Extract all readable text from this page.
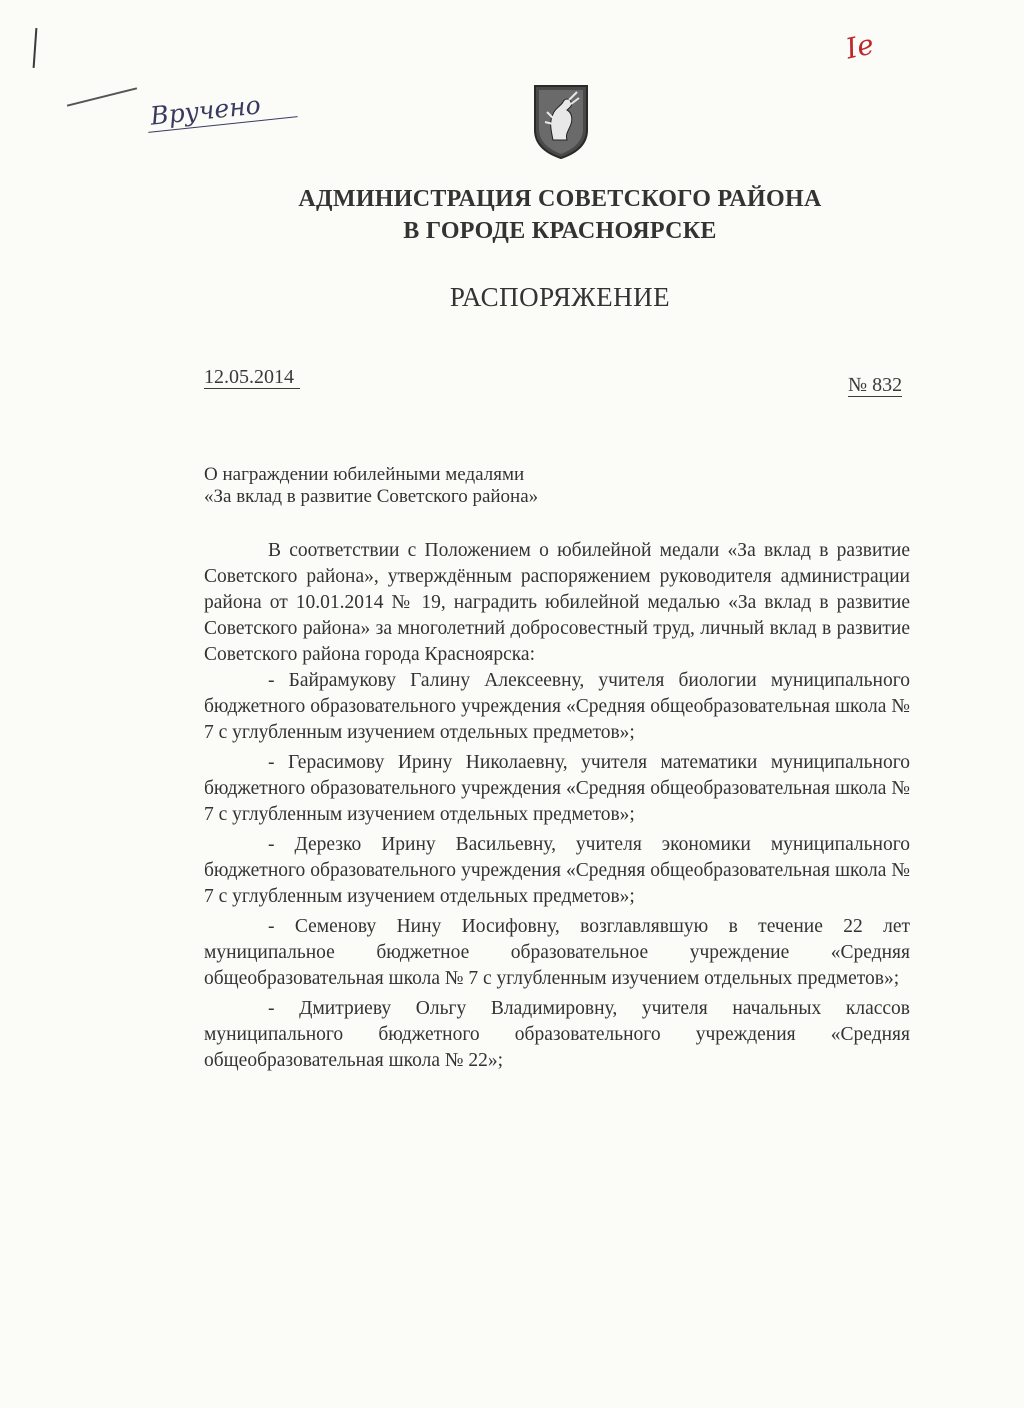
Вручено
Ie
АДМИНИСТРАЦИЯ СОВЕТСКОГО РАЙОНА
В ГОРОДЕ КРАСНОЯРСКЕ
РАСПОРЯЖЕНИЕ
12.05.2014	№ 832
О награждении юбилейными медалями
«За вклад в развитие Советского района»

В соответствии с Положением о юбилейной медали «За вклад в развитие Советского района», утверждённым распоряжением руководителя администрации района от 10.01.2014 № 19, наградить юбилейной медалью «За вклад в развитие Советского района» за многолетний добросовестный труд, личный вклад в развитие Советского района города Красноярска:

- Байрамукову Галину Алексеевну, учителя биологии муниципального бюджетного образовательного учреждения «Средняя общеобразовательная школа № 7 с углубленным изучением отдельных предметов»;

- Герасимову Ирину Николаевну, учителя математики муниципального бюджетного образовательного учреждения «Средняя общеобразовательная школа № 7 с углубленным изучением отдельных предметов»;

- Дерезко Ирину Васильевну, учителя экономики муниципального бюджетного образовательного учреждения «Средняя общеобразовательная школа № 7 с углубленным изучением отдельных предметов»;

- Семенову Нину Иосифовну, возглавлявшую в течение 22 лет муниципальное бюджетное образовательное учреждение «Средняя общеобразовательная школа № 7 с углубленным изучением отдельных предметов»;

- Дмитриеву Ольгу Владимировну, учителя начальных классов муниципального бюджетного образовательного учреждения «Средняя общеобразовательная школа № 22»;
